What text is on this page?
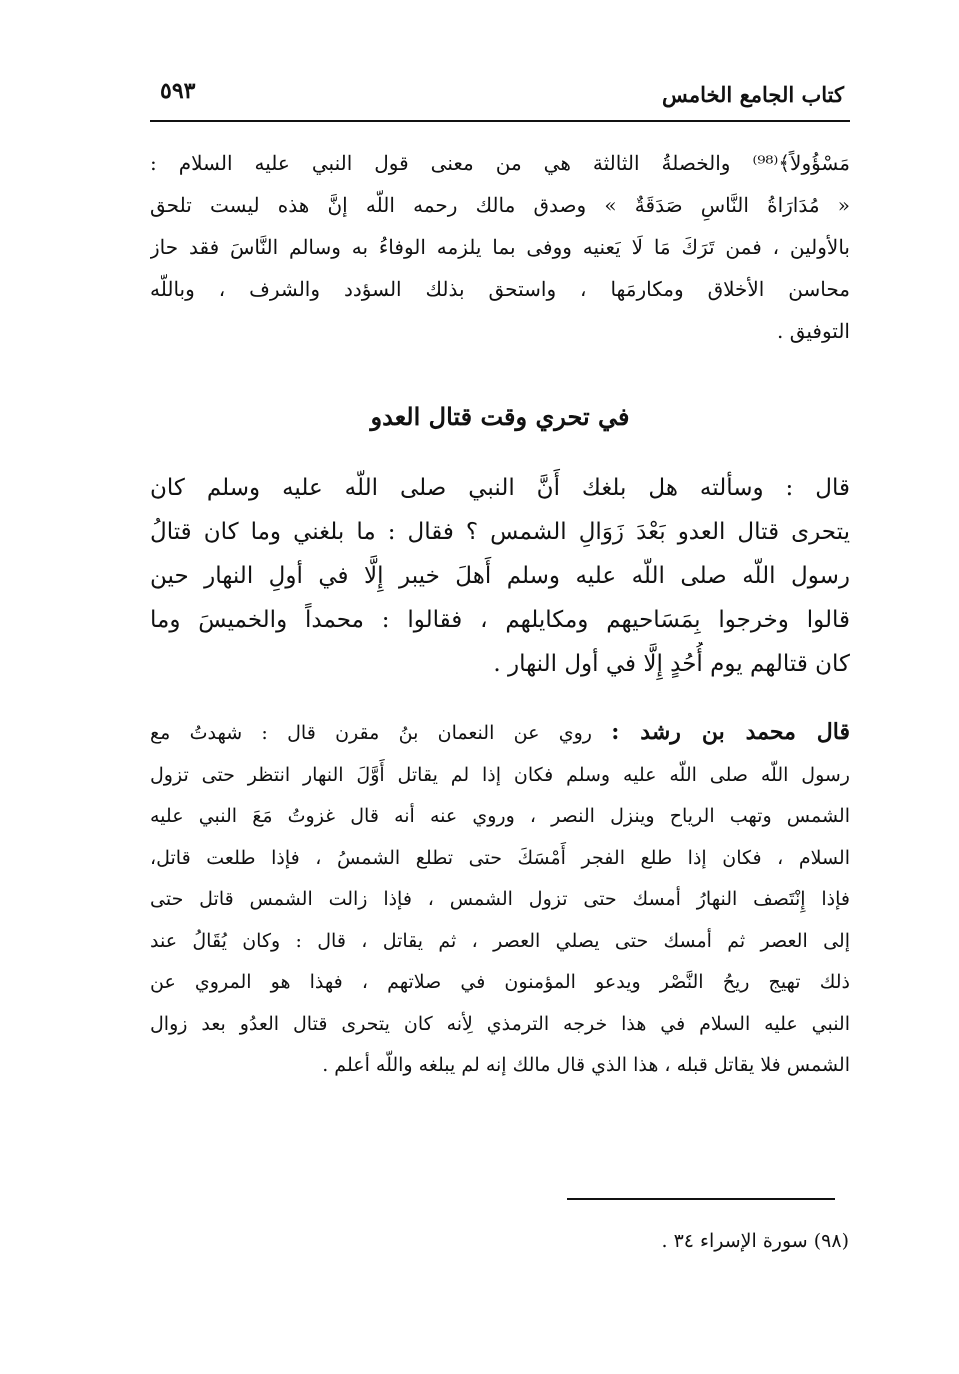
كتاب الجامع الخامس
٥٩٣
مَسْؤُولاً﴾⁽⁹⁸⁾ والخصلةُ الثالثة هي من معنى قول النبي عليه السلام :
« مُدَارَاةُ النَّاسِ صَدَقَةٌ » وصدق مالك رحمه اللّه إنَّ هذه ليست تلحق
بالأولين ، فمن تَرَكَ مَا لَا يَعنيه ووفى بما يلزمه الوفاءُ به وسالم النَّاسَ فقد حاز
محاسن الأخلاق ومكارمَها ، واستحق بذلك السؤدد والشرف ، وباللّه
التوفيق .
في تحري وقت قتال العدو
قال : وسألته هل بلغك أَنَّ النبي صلى اللّه عليه وسلم كان
يتحرى قتال العدو بَعْدَ زَوَالِ الشمس ؟ فقال : ما بلغني وما كان قتالُ
رسول اللّه صلى اللّه عليه وسلم أَهلَ خيبر إِلَّا في أولِ النهار حين
قالوا وخرجوا بِمَسَاحيهم ومكايلهم ، فقالوا : محمداً والخميسَ وما
كان قتالهم يوم أُحُدٍ إِلَّا في أول النهار .
قال محمد بن رشد : روي عن النعمان بنُ مقرن قال : شهدتُ مع
رسول اللّه صلى اللّه عليه وسلم فكان إذا لم يقاتل أَوَّلَ النهار انتظر حتى تزول
الشمس وتهب الرياح وينزل النصر ، وروي عنه أنه قال غزوتُ مَعَ النبي عليه
السلام ، فكان إذا طلع الفجر أَمْسَكَ حتى تطلع الشمسُ ، فإذا طلعت قاتل،
فإذا إِنْتَصف النهارُ أمسك حتى تزول الشمس ، فإذا زالت الشمس قاتل حتى
إلى العصر ثم أمسك حتى يصلي العصر ، ثم يقاتل ، قال : وكان يُقَالُ عند
ذلك تهيج ريحُ النَّصْر ويدعو المؤمنون في صلاتهم ، فهذا هو المروي عن
النبي عليه السلام في هذا خرجه الترمذي لِأنه كان يتحرى قتال العدُو بعد زوال
الشمس فلا يقاتل قبله ، هذا الذي قال مالك إنه لم يبلغه واللّه أعلم .
(٩٨) سورة الإسراء ٣٤ .
